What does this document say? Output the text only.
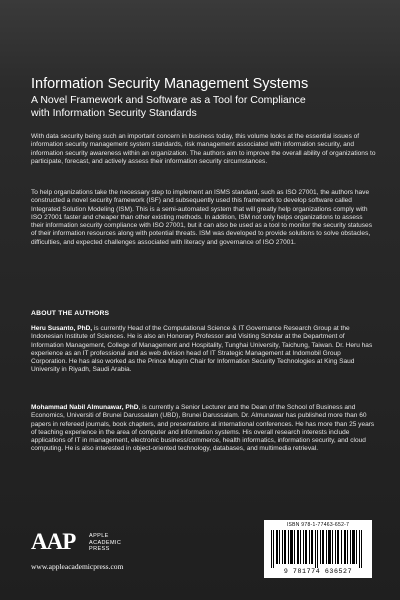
Information Security Management Systems
A Novel Framework and Software as a Tool for Compliance
with Information Security Standards

With data security being such an important concern in business today, this volume looks at the essential issues of information security management system standards, risk management associated with information security, and information security awareness within an organization. The authors aim to improve the overall ability of organizations to participate, forecast, and actively assess their information security circumstances.

To help organizations take the necessary step to implement an ISMS standard, such as ISO 27001, the authors have constructed a novel security framework (ISF) and subsequently used this framework to develop software called Integrated Solution Modeling (ISM). This is a semi-automated system that will greatly help organizations comply with ISO 27001 faster and cheaper than other existing methods. In addition, ISM not only helps organizations to assess their information security compliance with ISO 27001, but it can also be used as a tool to monitor the security statuses of their information resources along with potential threats. ISM was developed to provide solutions to solve obstacles, difficulties, and expected challenges associated with literacy and governance of ISO 27001.

ABOUT THE AUTHORS

Heru Susanto, PhD, is currently Head of the Computational Science & IT Governance Research Group at the Indonesian Institute of Sciences. He is also an Honorary Professor and Visiting Scholar at the Department of Information Management, College of Management and Hospitality, Tunghai University, Taichung, Taiwan. Dr. Heru has experience as an IT professional and as web division head of IT Strategic Management at Indomobil Group Corporation. He has also worked as the Prince Muqrin Chair for Information Security Technologies at King Saud University in Riyadh, Saudi Arabia.

Mohammad Nabil Almunawar, PhD, is currently a Senior Lecturer and the Dean of the School of Business and Economics, Universiti of Brunei Darussalam (UBD), Brunei Darussalam. Dr. Almunawar has published more than 60 papers in refereed journals, book chapters, and presentations at international conferences. He has more than 25 years of teaching experience in the area of computer and information systems. His overall research interests include applications of IT in management, electronic business/commerce, health informatics, information security, and cloud computing. He is also interested in object-oriented technology, databases, and multimedia retrieval.

AAP APPLE
ACADEMIC
PRESS
www.appleacademicpress.com
ISBN 978-1-77463-652-7
9 781774 636527
